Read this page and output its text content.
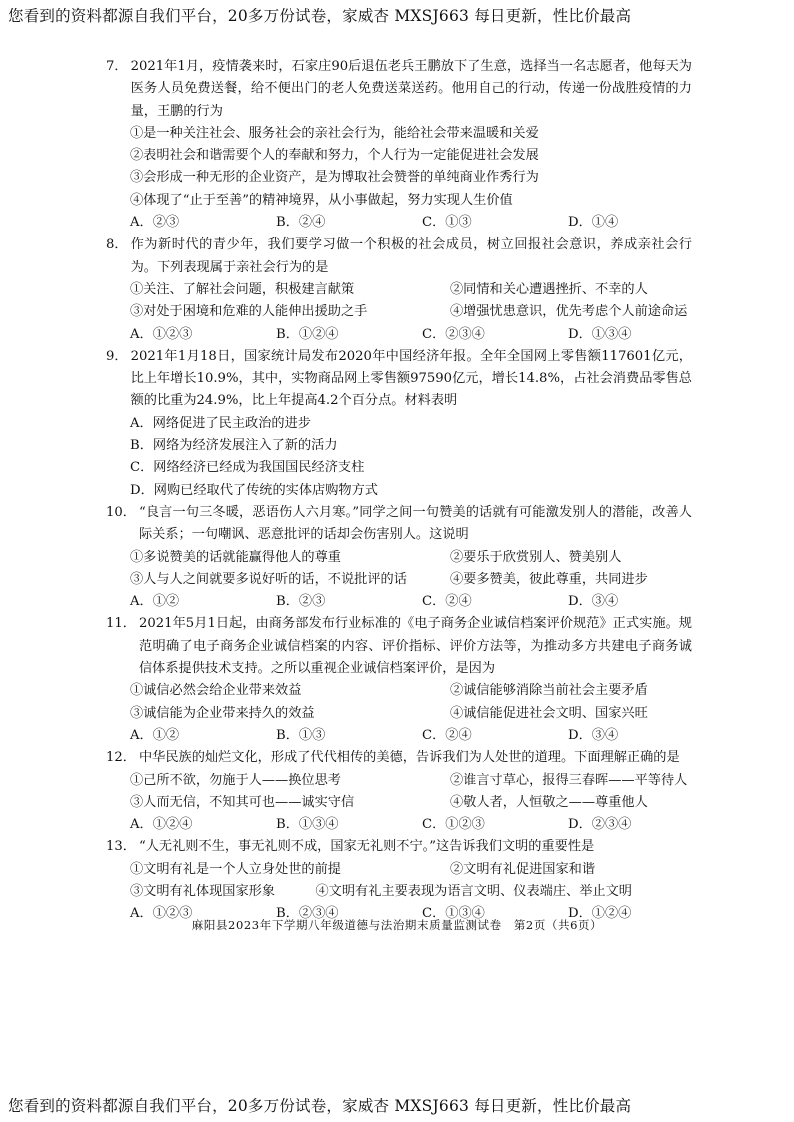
您看到的资料都源自我们平台，20多万份试卷，家威杏 MXSJ663 每日更新，性比价最高
7． 2021年1月，疫情袭来时，石家庄90后退伍老兵王鹏放下了生意，选择当一名志愿者，他每天为医务人员免费送餐，给不便出门的老人免费送菜送药。他用自己的行动，传递一份战胜疫情的力量，王鹏的行为
①是一种关注社会、服务社会的亲社会行为，能给社会带来温暖和关爱
②表明社会和谐需要个人的奉献和努力，个人行为一定能促进社会发展
③会形成一种无形的企业资产，是为博取社会赞誉的单纯商业作秀行为
④体现了“止于至善”的精神境界，从小事做起，努力实现人生价值
A．②③	B．②④	C．①③	D．①④
8． 作为新时代的青少年，我们要学习做一个积极的社会成员，树立回报社会意识，养成亲社会行为。下列表现属于亲社会行为的是
①关注、了解社会问题，积极建言献策	②同情和关心遭遇挫折、不幸的人
③对处于困境和危难的人能伸出援助之手	④增强忧患意识，优先考虑个人前途命运
A．①②③	B．①②④	C．②③④	D．①③④
9． 2021年1月18日，国家统计局发布2020年中国经济年报。全年全国网上零售额117601亿元，比上年增长10.9%，其中，实物商品网上零售额97590亿元，增长14.8%，占社会消费品零售总额的比重为24.9%，比上年提高4.2个百分点。材料表明
A．网络促进了民主政治的进步
B．网络为经济发展注入了新的活力
C．网络经济已经成为我国国民经济支柱
D．网购已经取代了传统的实体店购物方式
10． “良言一句三冬暖，恶语伤人六月寒。”同学之间一句赞美的话就有可能激发别人的潜能，改善人际关系；一句嘲讽、恶意批评的话却会伤害别人。这说明
①多说赞美的话就能赢得他人的尊重	②要乐于欣赏别人、赞美别人
③人与人之间就要多说好听的话，不说批评的话	④要多赞美，彼此尊重，共同进步
A．①②	B．②③	C．②④	D．③④
11． 2021年5月1日起，由商务部发布行业标准的《电子商务企业诚信档案评价规范》正式实施。规范明确了电子商务企业诚信档案的内容、评价指标、评价方法等，为推动多方共建电子商务诚信体系提供技术支持。之所以重视企业诚信档案评价，是因为
①诚信必然会给企业带来效益	②诚信能够消除当前社会主要矛盾
③诚信能为企业带来持久的效益	④诚信能促进社会文明、国家兴旺
A．①②	B．①③	C．②④	D．③④
12． 中华民族的灿烂文化，形成了代代相传的美德，告诉我们为人处世的道理。下面理解正确的是
①己所不欲，勿施于人——换位思考	②谁言寸草心，报得三春晖——平等待人
③人而无信，不知其可也——诚实守信	④敬人者，人恒敬之——尊重他人
A．①②④	B．①③④	C．①②③	D．②③④
13． “人无礼则不生，事无礼则不成，国家无礼则不宁。”这告诉我们文明的重要性是
①文明有礼是一个人立身处世的前提	②文明有礼促进国家和谐
③文明有礼体现国家形象	④文明有礼主要表现为语言文明、仪表端庄、举止文明
A．①②③	B．②③④	C．①③④	D．①②④
麻阳县2023年下学期八年级道德与法治期末质量监测试卷　第2页（共6页）
您看到的资料都源自我们平台，20多万份试卷，家威杏 MXSJ663 每日更新，性比价最高
